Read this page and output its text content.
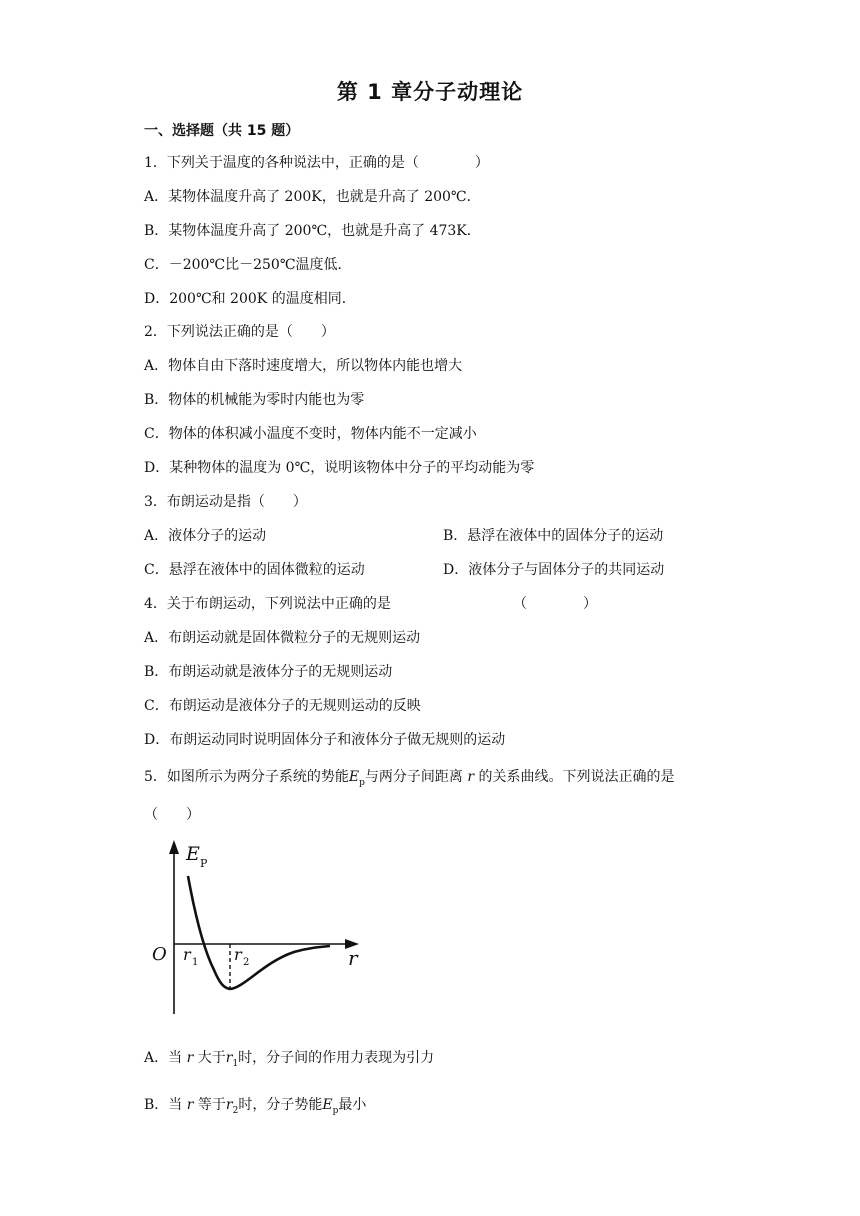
第 1 章分子动理论
一、选择题（共 15 题）
1．下列关于温度的各种说法中，正确的是（　　　　）
A．某物体温度升高了 200K，也就是升高了 200℃．
B．某物体温度升高了 200℃，也就是升高了 473K．
C．－200℃比－250℃温度低．
D．200℃和 200K 的温度相同．
2．下列说法正确的是（　　）
A．物体自由下落时速度增大，所以物体内能也增大
B．物体的机械能为零时内能也为零
C．物体的体积减小温度不变时，物体内能不一定减小
D．某种物体的温度为 0℃，说明该物体中分子的平均动能为零
3．布朗运动是指（　　）
A．液体分子的运动	B．悬浮在液体中的固体分子的运动
C．悬浮在液体中的固体微粒的运动	D．液体分子与固体分子的共同运动
4．关于布朗运动，下列说法中正确的是	（　　　　）
A．布朗运动就是固体微粒分子的无规则运动
B．布朗运动就是液体分子的无规则运动
C．布朗运动是液体分子的无规则运动的反映
D．布朗运动同时说明固体分子和液体分子做无规则的运动
5．如图所示为两分子系统的势能$E_p$与两分子间距离 r 的关系曲线。下列说法正确的是
（　　）
E P
O	r
r 1 r 2
A．当 r 大于$r_1$时，分子间的作用力表现为引力
B．当 r 等于$r_2$时，分子势能$E_p$最小
